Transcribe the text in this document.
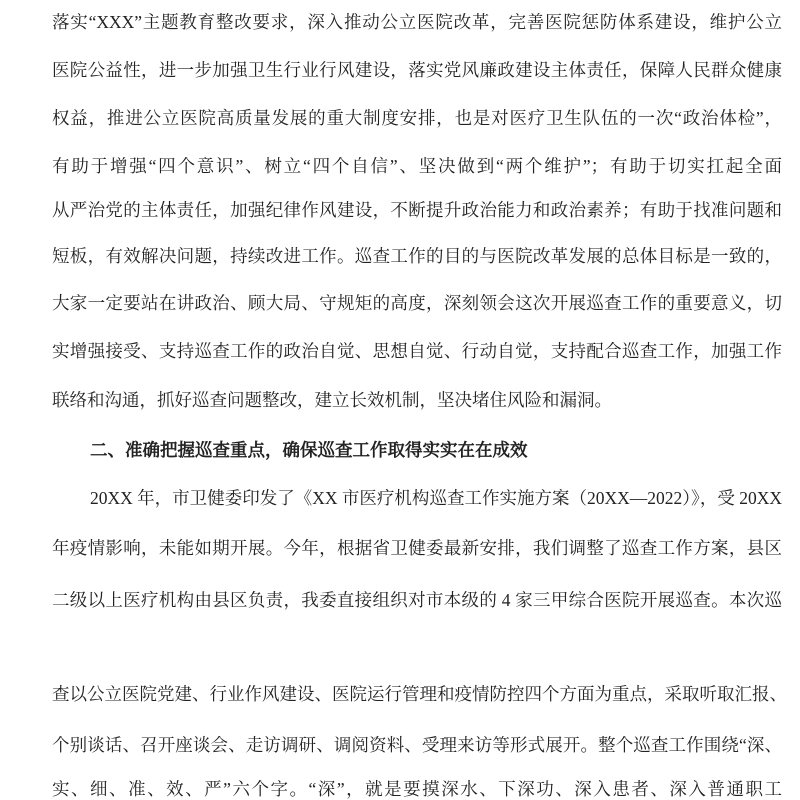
落实“XXX”主题教育整改要求，深入推动公立医院改革，完善医院惩防体系建设，维护公立
医院公益性，进一步加强卫生行业行风建设，落实党风廉政建设主体责任，保障人民群众健康
权益，推进公立医院高质量发展的重大制度安排，也是对医疗卫生队伍的一次“政治体检”，
有助于增强“四个意识”、树立“四个自信”、坚决做到“两个维护”；有助于切实扛起全面
从严治党的主体责任，加强纪律作风建设，不断提升政治能力和政治素养；有助于找准问题和
短板，有效解决问题，持续改进工作。巡查工作的目的与医院改革发展的总体目标是一致的，
大家一定要站在讲政治、顾大局、守规矩的高度，深刻领会这次开展巡查工作的重要意义，切
实增强接受、支持巡查工作的政治自觉、思想自觉、行动自觉，支持配合巡查工作，加强工作
联络和沟通，抓好巡查问题整改，建立长效机制，坚决堵住风险和漏洞。
二、准确把握巡查重点，确保巡查工作取得实实在在成效
20XX 年，市卫健委印发了《XX 市医疗机构巡查工作实施方案（20XX—2022）》，受 20XX
年疫情影响，未能如期开展。今年，根据省卫健委最新安排，我们调整了巡查工作方案，县区
二级以上医疗机构由县区负责，我委直接组织对市本级的 4 家三甲综合医院开展巡查。本次巡
查以公立医院党建、行业作风建设、医院运行管理和疫情防控四个方面为重点，采取听取汇报、
个别谈话、召开座谈会、走访调研、调阅资料、受理来访等形式展开。整个巡查工作围绕“深、
实、细、准、效、严”六个字。“深”，就是要摸深水、下深功、深入患者、深入普通职工
